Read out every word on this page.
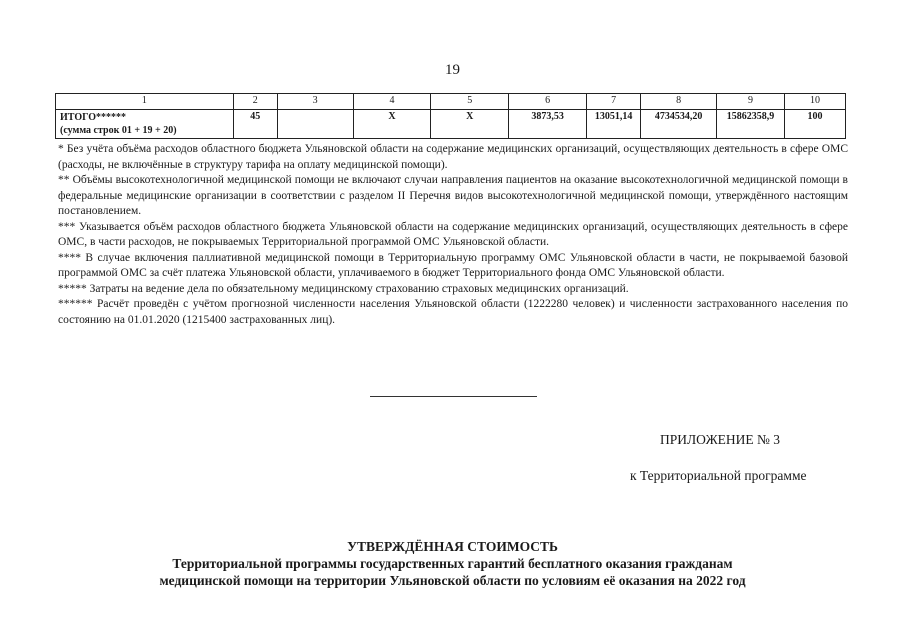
19
1	2	3	4	5	6	7	8	9	10

ИТОГО******
(сумма строк 01 + 19 + 20)	45		X	X	3873,53	13051,14	4734534,20	15862358,9	100

* Без учёта объёма расходов областного бюджета Ульяновской области на содержание медицинских организаций, осуществляющих деятельность в сфере ОМС (расходы, не включённые в структуру тарифа на оплату медицинской помощи).

** Объёмы высокотехнологичной медицинской помощи не включают случаи направления пациентов на оказание высокотехнологичной медицинской помощи в федеральные медицинские организации в соответствии с разделом II Перечня видов высокотехнологичной медицинской помощи, утверждённого настоящим постановлением.

*** Указывается объём расходов областного бюджета Ульяновской области на содержание медицинских организаций, осуществляющих деятельность в сфере ОМС, в части расходов, не покрываемых Территориальной программой ОМС Ульяновской области.

**** В случае включения паллиативной медицинской помощи в Территориальную программу ОМС Ульяновской области в части, не покрываемой базовой программой ОМС за счёт платежа Ульяновской области, уплачиваемого в бюджет Территориального фонда ОМС Ульяновской области.

***** Затраты на ведение дела по обязательному медицинскому страхованию страховых медицинских организаций.

****** Расчёт проведён с учётом прогнозной численности населения Ульяновской области (1222280 человек) и численности застрахованного населения по состоянию на 01.01.2020 (1215400 застрахованных лиц).

ПРИЛОЖЕНИЕ № 3
к Территориальной программе
УТВЕРЖДЁННАЯ СТОИМОСТЬ
Территориальной программы государственных гарантий бесплатного оказания гражданам
медицинской помощи на территории Ульяновской области по условиям её оказания на 2022 год
